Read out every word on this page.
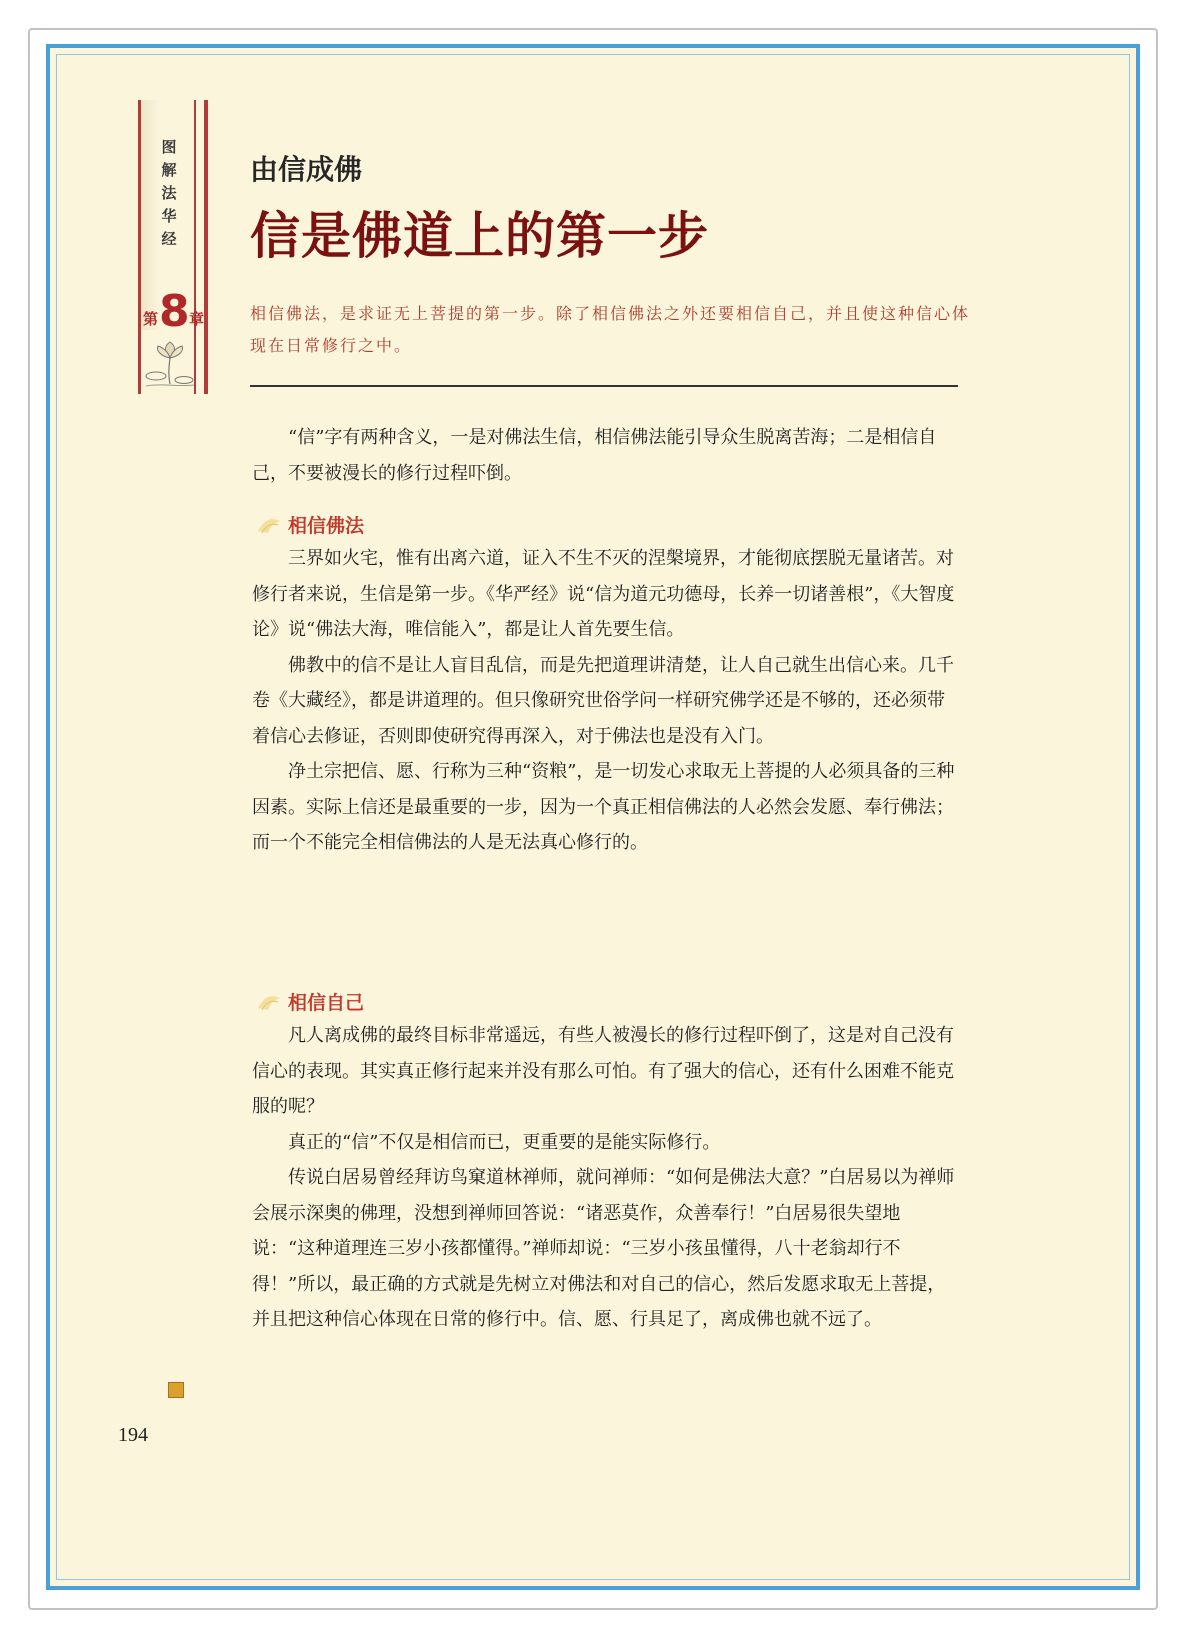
图
解
法
华
经
第 8 章
由信成佛
信是佛道上的第一步
相信佛法，是求证无上菩提的第一步。除了相信佛法之外还要相信自己，并且使这种信心体现在日常修行之中。

“信”字有两种含义，一是对佛法生信，相信佛法能引导众生脱离苦海；二是相信自己，不要被漫长的修行过程吓倒。

相信佛法

三界如火宅，惟有出离六道，证入不生不灭的涅槃境界，才能彻底摆脱无量诸苦。对修行者来说，生信是第一步。《华严经》说“信为道元功德母，长养一切诸善根”，《大智度论》说“佛法大海，唯信能入”，都是让人首先要生信。

佛教中的信不是让人盲目乱信，而是先把道理讲清楚，让人自己就生出信心来。几千卷《大藏经》，都是讲道理的。但只像研究世俗学问一样研究佛学还是不够的，还必须带着信心去修证，否则即使研究得再深入，对于佛法也是没有入门。

净土宗把信、愿、行称为三种“资粮”，是一切发心求取无上菩提的人必须具备的三种因素。实际上信还是最重要的一步，因为一个真正相信佛法的人必然会发愿、奉行佛法；而一个不能完全相信佛法的人是无法真心修行的。

相信自己

凡人离成佛的最终目标非常遥远，有些人被漫长的修行过程吓倒了，这是对自己没有信心的表现。其实真正修行起来并没有那么可怕。有了强大的信心，还有什么困难不能克服的呢？

真正的“信”不仅是相信而已，更重要的是能实际修行。

传说白居易曾经拜访鸟窠道林禅师，就问禅师：“如何是佛法大意？”白居易以为禅师会展示深奥的佛理，没想到禅师回答说：“诸恶莫作，众善奉行！”白居易很失望地说：“这种道理连三岁小孩都懂得。”禅师却说：“三岁小孩虽懂得，八十老翁却行不得！”所以，最正确的方式就是先树立对佛法和对自己的信心，然后发愿求取无上菩提，并且把这种信心体现在日常的修行中。信、愿、行具足了，离成佛也就不远了。

194
